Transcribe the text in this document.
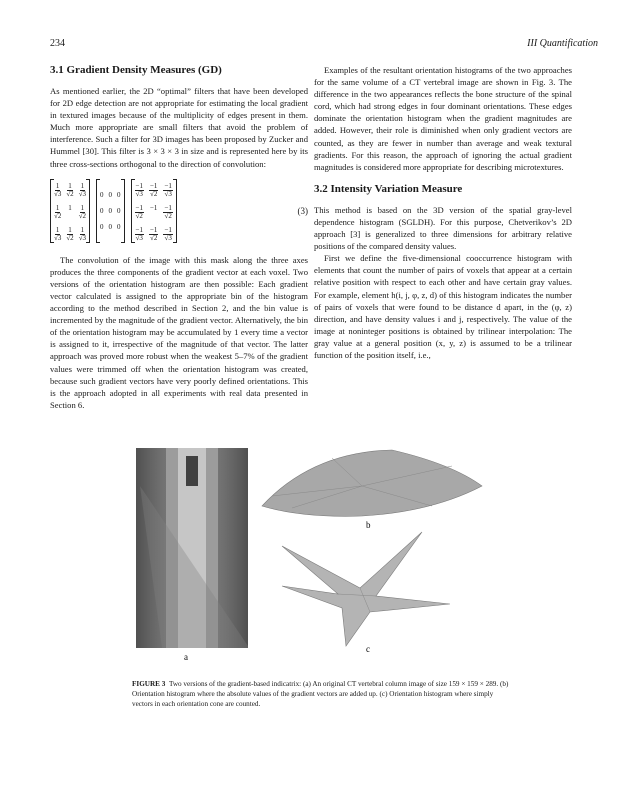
234	III Quantification
3.1 Gradient Density Measures (GD)

As mentioned earlier, the 2D “optimal” filters that have been developed for 2D edge detection are not appropriate for estimating the local gradient in textured images because of the multiplicity of edges present in them. Much more appropriate are small filters that avoid the problem of interference. Such a filter for 3D images has been proposed by Zucker and Hummel [30]. This filter is 3 × 3 × 3 in size and is represented here by its three cross-sections orthogonal to the direction of convolution:

$\frac{1}{√3} \frac{1}{√2} \frac{1}{√3}$
$\frac{1}{√2} 1 \frac{1}{√2}$
$\frac{1}{√3} \frac{1}{√2} \frac{1}{√3}$
0 0 0
0 0 0
0 0 0
$\frac{-1}{√3} \frac{-1}{√2} \frac{-1}{√3}$
$\frac{-1}{√2} -1 \frac{-1}{√2}$
$\frac{-1}{√3} \frac{-1}{√2} \frac{-1}{√3}$
(3)

The convolution of the image with this mask along the three axes produces the three components of the gradient vector at each voxel. Two versions of the orientation histogram are then possible: Each gradient vector calculated is assigned to the appropriate bin of the histogram according to the method described in Section 2, and the bin value is incremented by the magnitude of the gradient vector. Alternatively, the bin of the orientation histogram may be accumulated by 1 every time a vector is assigned to it, irrespective of the magnitude of that vector. The latter approach was proved more robust when the weakest 5–7% of the gradient values were trimmed off when the orientation histogram was created, because such gradient vectors have very poorly defined orientations. This is the approach adopted in all experiments with real data presented in Section 6.

Examples of the resultant orientation histograms of the two approaches for the same volume of a CT vertebral image are shown in Fig. 3. The difference in the two appearances reflects the bone structure of the spinal cord, which had strong edges in four dominant orientations. These edges dominate the orientation histogram when the gradient magnitudes are added. However, their role is diminished when only gradient vectors are counted, as they are fewer in number than average and weak textural gradients. For this reason, the approach of ignoring the actual gradient magnitudes is considered more appropriate for describing microtextures.

3.2 Intensity Variation Measure

This method is based on the 3D version of the spatial gray-level dependence histogram (SGLDH). For this purpose, Chetverikov’s 2D approach [3] is generalized to three dimensions for arbitrary relative positions of the compared density values.

First we define the five-dimensional cooccurrence histogram with elements that count the number of pairs of voxels that appear at a certain relative position with respect to each other and have certain gray values. For example, element h(i, j, φ, z, d) of this histogram indicates the number of pairs of voxels that were found to be distance d apart, in the (φ, z) direction, and have density values i and j, respectively. The value of the image at noninteger positions is obtained by trilinear interpolation: The gray value at a general position (x, y, z) is assumed to be a trilinear function of the position itself, i.e.,

a
b
c
FIGURE 3 Two versions of the gradient-based indicatrix: (a) An original CT vertebral column image of size 159 × 159 × 289. (b) Orientation histogram where the absolute values of the gradient vectors are added up. (c) Orientation histogram where simply vectors in each orientation cone are counted.
